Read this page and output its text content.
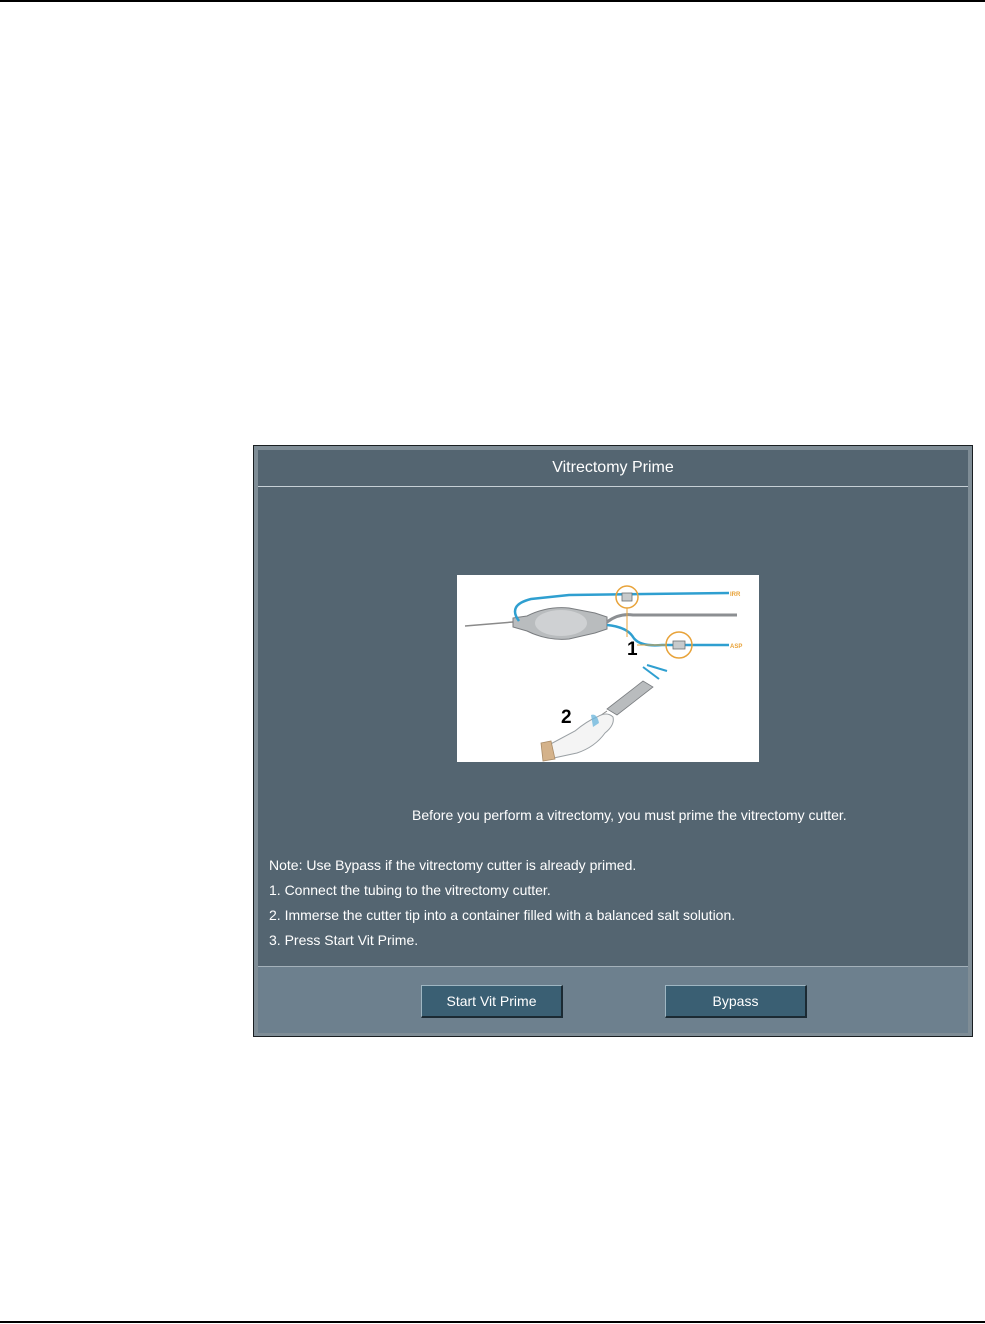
Vitrectomy Prime
IRR
ASP
1
2
Before you perform a vitrectomy, you must prime the vitrectomy cutter.
Note: Use Bypass if the vitrectomy cutter is already primed.
1. Connect the tubing to the vitrectomy cutter.
2. Immerse the cutter tip into a container filled with a balanced salt solution.
3. Press Start Vit Prime.
Start Vit Prime	Bypass
